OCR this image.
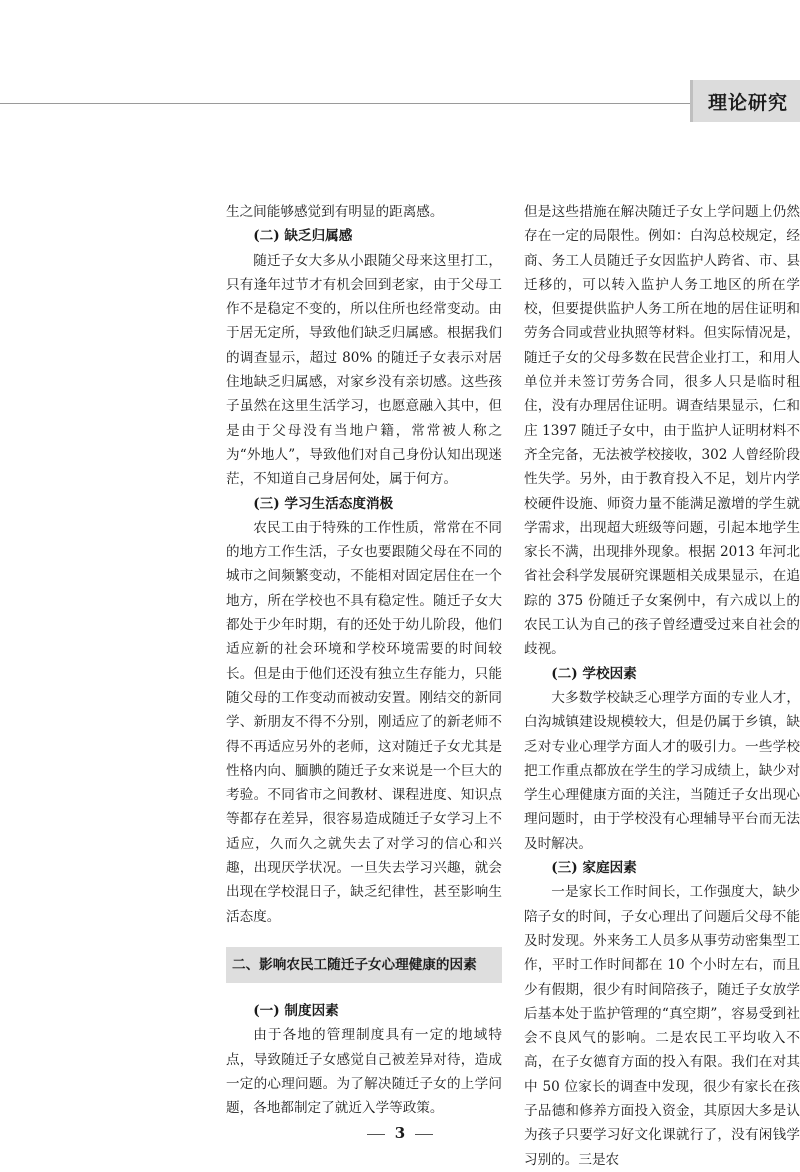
理论研究

生之间能够感觉到有明显的距离感。

(二) 缺乏归属感

随迁子女大多从小跟随父母来这里打工，只有逢年过节才有机会回到老家，由于父母工作不是稳定不变的，所以住所也经常变动。由于居无定所，导致他们缺乏归属感。根据我们的调查显示，超过 80% 的随迁子女表示对居住地缺乏归属感，对家乡没有亲切感。这些孩子虽然在这里生活学习，也愿意融入其中，但是由于父母没有当地户籍，常常被人称之为“外地人”，导致他们对自己身份认知出现迷茫，不知道自己身居何处，属于何方。

(三) 学习生活态度消极

农民工由于特殊的工作性质，常常在不同的地方工作生活，子女也要跟随父母在不同的城市之间频繁变动，不能相对固定居住在一个地方，所在学校也不具有稳定性。随迁子女大都处于少年时期，有的还处于幼儿阶段，他们适应新的社会环境和学校环境需要的时间较长。但是由于他们还没有独立生存能力，只能随父母的工作变动而被动安置。刚结交的新同学、新朋友不得不分别，刚适应了的新老师不得不再适应另外的老师，这对随迁子女尤其是性格内向、腼腆的随迁子女来说是一个巨大的考验。不同省市之间教材、课程进度、知识点等都存在差异，很容易造成随迁子女学习上不适应，久而久之就失去了对学习的信心和兴趣，出现厌学状况。一旦失去学习兴趣，就会出现在学校混日子，缺乏纪律性，甚至影响生活态度。

二、影响农民工随迁子女心理健康的因素
(一) 制度因素

由于各地的管理制度具有一定的地域特点，导致随迁子女感觉自己被差异对待，造成一定的心理问题。为了解决随迁子女的上学问题，各地都制定了就近入学等政策。

但是这些措施在解决随迁子女上学问题上仍然存在一定的局限性。例如：白沟总校规定，经商、务工人员随迁子女因监护人跨省、市、县迁移的，可以转入监护人务工地区的所在学校，但要提供监护人务工所在地的居住证明和劳务合同或营业执照等材料。但实际情况是，随迁子女的父母多数在民营企业打工，和用人单位并未签订劳务合同，很多人只是临时租住，没有办理居住证明。调查结果显示，仁和庄 1397 随迁子女中，由于监护人证明材料不齐全完备，无法被学校接收，302 人曾经阶段性失学。另外，由于教育投入不足，划片内学校硬件设施、师资力量不能满足激增的学生就学需求，出现超大班级等问题，引起本地学生家长不满，出现排外现象。根据 2013 年河北省社会科学发展研究课题相关成果显示，在追踪的 375 份随迁子女案例中，有六成以上的农民工认为自己的孩子曾经遭受过来自社会的歧视。

(二) 学校因素

大多数学校缺乏心理学方面的专业人才，白沟城镇建设规模较大，但是仍属于乡镇，缺乏对专业心理学方面人才的吸引力。一些学校把工作重点都放在学生的学习成绩上，缺少对学生心理健康方面的关注，当随迁子女出现心理问题时，由于学校没有心理辅导平台而无法及时解决。

(三) 家庭因素

一是家长工作时间长，工作强度大，缺少陪子女的时间，子女心理出了问题后父母不能及时发现。外来务工人员多从事劳动密集型工作，平时工作时间都在 10 个小时左右，而且少有假期，很少有时间陪孩子，随迁子女放学后基本处于监护管理的“真空期”，容易受到社会不良风气的影响。二是农民工平均收入不高，在子女德育方面的投入有限。我们在对其中 50 位家长的调查中发现，很少有家长在孩子品德和修养方面投入资金，其原因大多是认为孩子只要学习好文化课就行了，没有闲钱学习别的。三是农

3
